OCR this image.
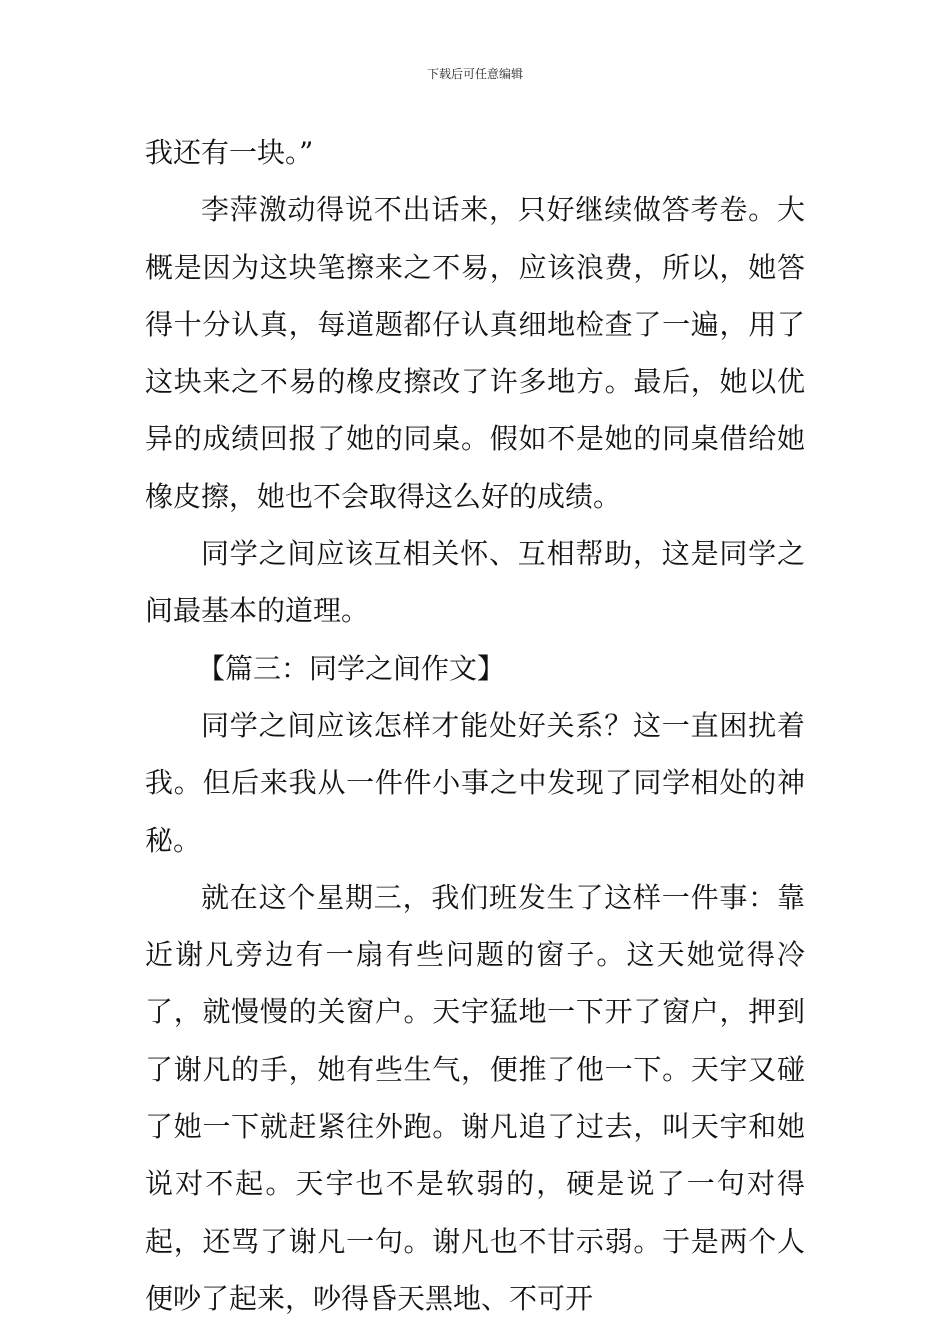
下载后可任意编辑

我还有一块。”

李萍激动得说不出话来，只好继续做答考卷。大概是因为这块笔擦来之不易，应该浪费，所以，她答得十分认真，每道题都仔认真细地检查了一遍，用了这块来之不易的橡皮擦改了许多地方。最后，她以优异的成绩回报了她的同桌。假如不是她的同桌借给她橡皮擦，她也不会取得这么好的成绩。

同学之间应该互相关怀、互相帮助，这是同学之间最基本的道理。

【篇三：同学之间作文】

同学之间应该怎样才能处好关系？这一直困扰着我。但后来我从一件件小事之中发现了同学相处的神秘。

就在这个星期三，我们班发生了这样一件事：靠近谢凡旁边有一扇有些问题的窗子。这天她觉得冷了，就慢慢的关窗户。天宇猛地一下开了窗户，押到了谢凡的手，她有些生气，便推了他一下。天宇又碰了她一下就赶紧往外跑。谢凡追了过去，叫天宇和她说对不起。天宇也不是软弱的，硬是说了一句对得起，还骂了谢凡一句。谢凡也不甘示弱。于是两个人便吵了起来，吵得昏天黑地、不可开
